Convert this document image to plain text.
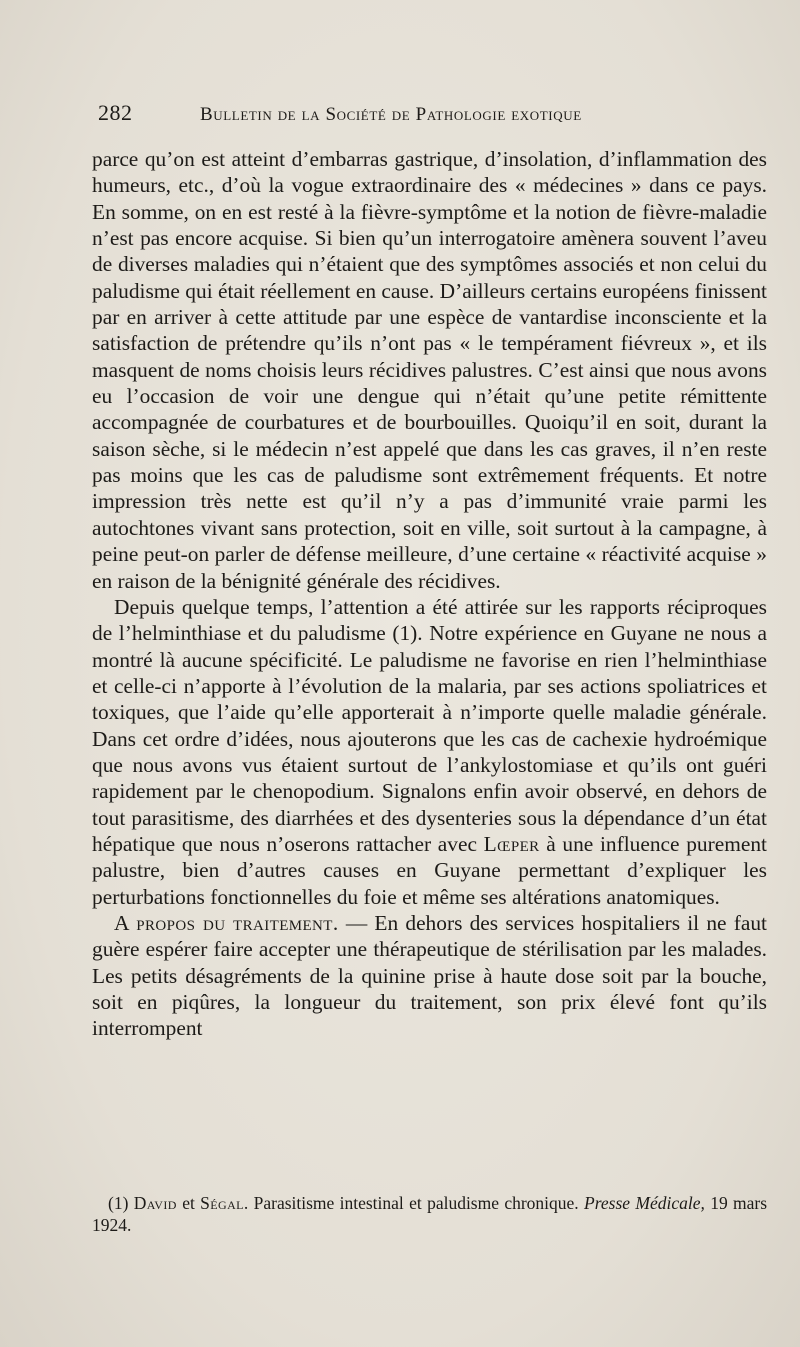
282	Bulletin de la Société de Pathologie exotique

parce qu’on est atteint d’embarras gastrique, d’insolation, d’inflammation des humeurs, etc., d’où la vogue extraordinaire des « médecines » dans ce pays. En somme, on en est resté à la fièvre-symptôme et la notion de fièvre-maladie n’est pas encore acquise. Si bien qu’un interrogatoire amènera souvent l’aveu de diverses maladies qui n’étaient que des symptômes associés et non celui du paludisme qui était réellement en cause. D’ailleurs certains européens finissent par en arriver à cette attitude par une espèce de vantardise inconsciente et la satisfaction de prétendre qu’ils n’ont pas « le tempérament fiévreux », et ils masquent de noms choisis leurs récidives palustres. C’est ainsi que nous avons eu l’occasion de voir une dengue qui n’était qu’une petite rémittente accompagnée de courbatures et de bourbouilles. Quoiqu’il en soit, durant la saison sèche, si le médecin n’est appelé que dans les cas graves, il n’en reste pas moins que les cas de paludisme sont extrêmement fréquents. Et notre impression très nette est qu’il n’y a pas d’immunité vraie parmi les autochtones vivant sans protection, soit en ville, soit surtout à la campagne, à peine peut-on parler de défense meilleure, d’une certaine « réactivité acquise » en raison de la bénignité générale des récidives.

Depuis quelque temps, l’attention a été attirée sur les rapports réciproques de l’helminthiase et du paludisme (1). Notre expérience en Guyane ne nous a montré là aucune spécificité. Le paludisme ne favorise en rien l’helminthiase et celle-ci n’apporte à l’évolution de la malaria, par ses actions spoliatrices et toxiques, que l’aide qu’elle apporterait à n’importe quelle maladie générale. Dans cet ordre d’idées, nous ajouterons que les cas de cachexie hydroémique que nous avons vus étaient surtout de l’ankylostomiase et qu’ils ont guéri rapidement par le chenopodium. Signalons enfin avoir observé, en dehors de tout parasitisme, des diarrhées et des dysenteries sous la dépendance d’un état hépatique que nous n’oserons rattacher avec Lœper à une influence purement palustre, bien d’autres causes en Guyane permettant d’expliquer les perturbations fonctionnelles du foie et même ses altérations anatomiques.

A propos du traitement. — En dehors des services hospitaliers il ne faut guère espérer faire accepter une thérapeutique de stérilisation par les malades. Les petits désagréments de la quinine prise à haute dose soit par la bouche, soit en piqûres, la longueur du traitement, son prix élevé font qu’ils interrompent

(1) David et Ségal. Parasitisme intestinal et paludisme chronique. Presse Médicale, 19 mars 1924.
